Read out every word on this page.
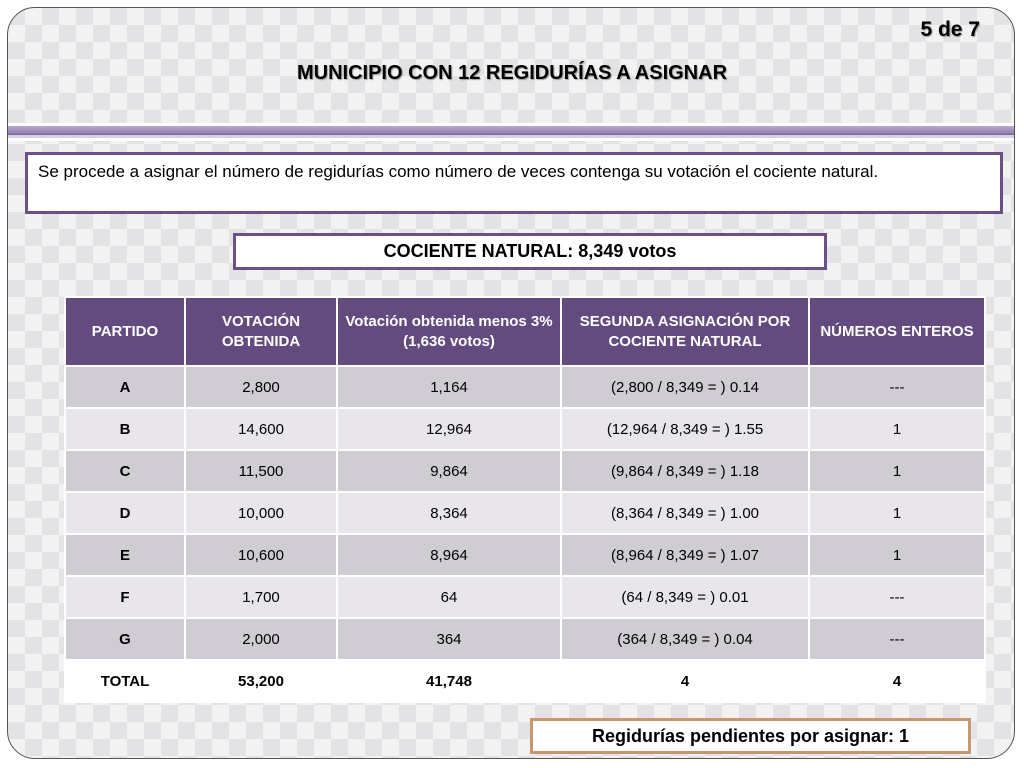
5 de 7
MUNICIPIO CON 12 REGIDURÍAS A ASIGNAR
Se procede a asignar el número de regidurías como número de veces contenga su votación el cociente natural.
COCIENTE NATURAL: 8,349 votos
PARTIDO	VOTACIÓN OBTENIDA	Votación obtenida menos 3% (1,636 votos)	SEGUNDA ASIGNACIÓN POR COCIENTE NATURAL	NÚMEROS ENTEROS
A	2,800	1,164	(2,800 / 8,349 = ) 0.14	---
B	14,600	12,964	(12,964 / 8,349 = ) 1.55	1
C	11,500	9,864	(9,864 / 8,349 = ) 1.18	1
D	10,000	8,364	(8,364 / 8,349 = ) 1.00	1
E	10,600	8,964	(8,964 / 8,349 = ) 1.07	1
F	1,700	64	(64 / 8,349 = ) 0.01	---
G	2,000	364	(364 / 8,349 = ) 0.04	---
TOTAL	53,200	41,748	4	4
Regidurías pendientes por asignar: 1
